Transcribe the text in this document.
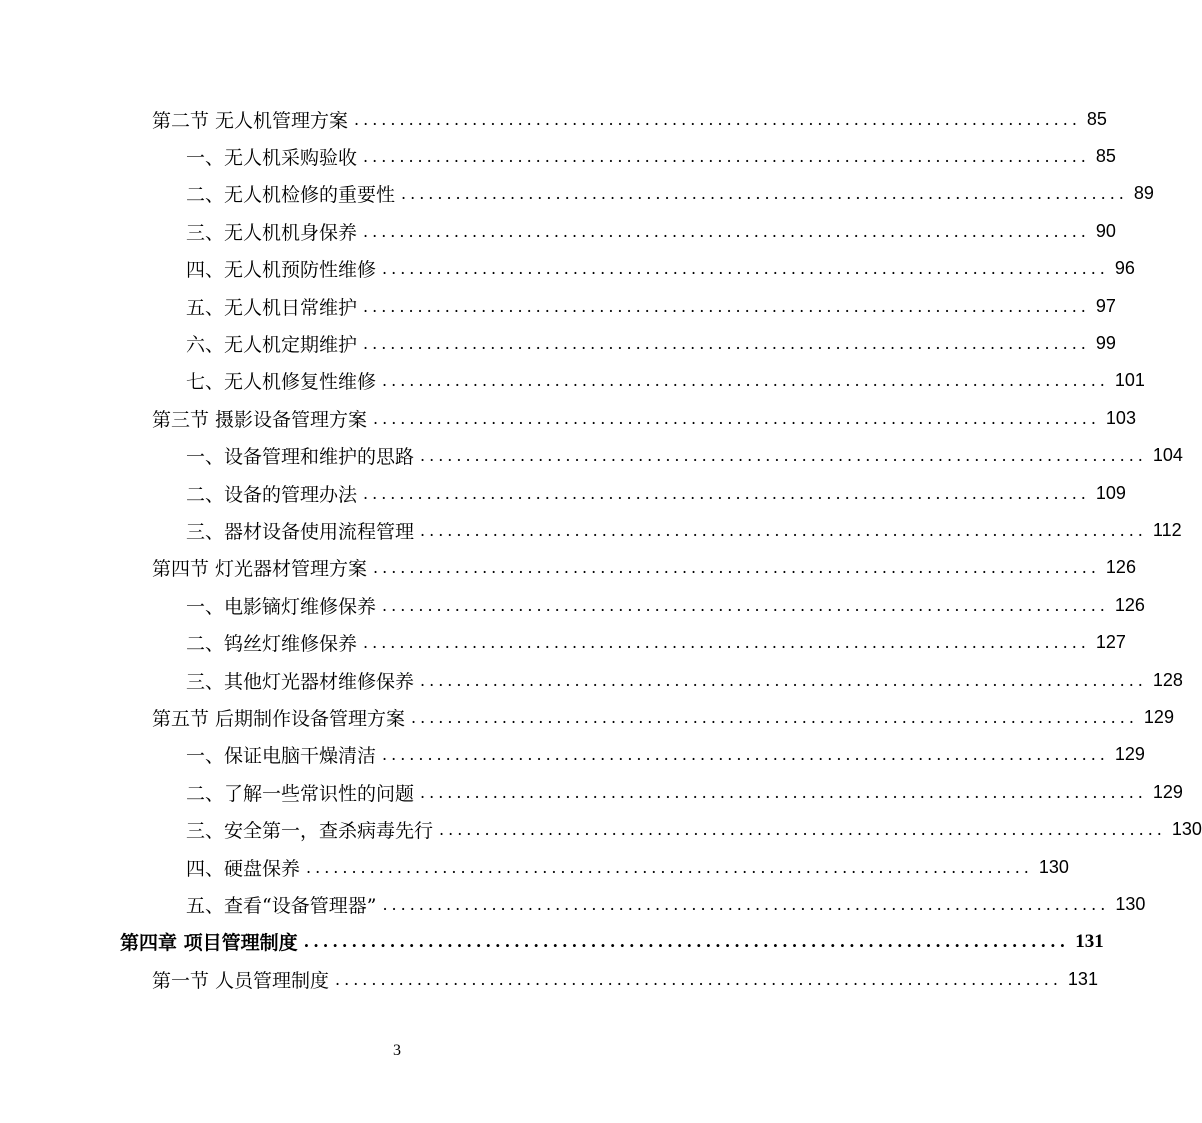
第二节 无人机管理方案 ................................................................................ 85
一、无人机采购验收 ................................................................................ 85
二、无人机检修的重要性 ................................................................................ 89
三、无人机机身保养 ................................................................................ 90
四、无人机预防性维修 ................................................................................ 96
五、无人机日常维护 ................................................................................ 97
六、无人机定期维护 ................................................................................ 99
七、无人机修复性维修 ................................................................................ 101
第三节 摄影设备管理方案 ................................................................................ 103
一、设备管理和维护的思路 ................................................................................ 104
二、设备的管理办法 ................................................................................ 109
三、器材设备使用流程管理 ................................................................................ 112
第四节 灯光器材管理方案 ................................................................................ 126
一、电影镝灯维修保养 ................................................................................ 126
二、钨丝灯维修保养 ................................................................................ 127
三、其他灯光器材维修保养 ................................................................................ 128
第五节 后期制作设备管理方案 ................................................................................ 129
一、保证电脑干燥清洁 ................................................................................ 129
二、了解一些常识性的问题 ................................................................................ 129
三、安全第一，查杀病毒先行 ................................................................................ 130
四、硬盘保养 ................................................................................ 130
五、查看“设备管理器” ................................................................................ 130
第四章 项目管理制度 ................................................................................ 131
第一节 人员管理制度 ................................................................................ 131
3
